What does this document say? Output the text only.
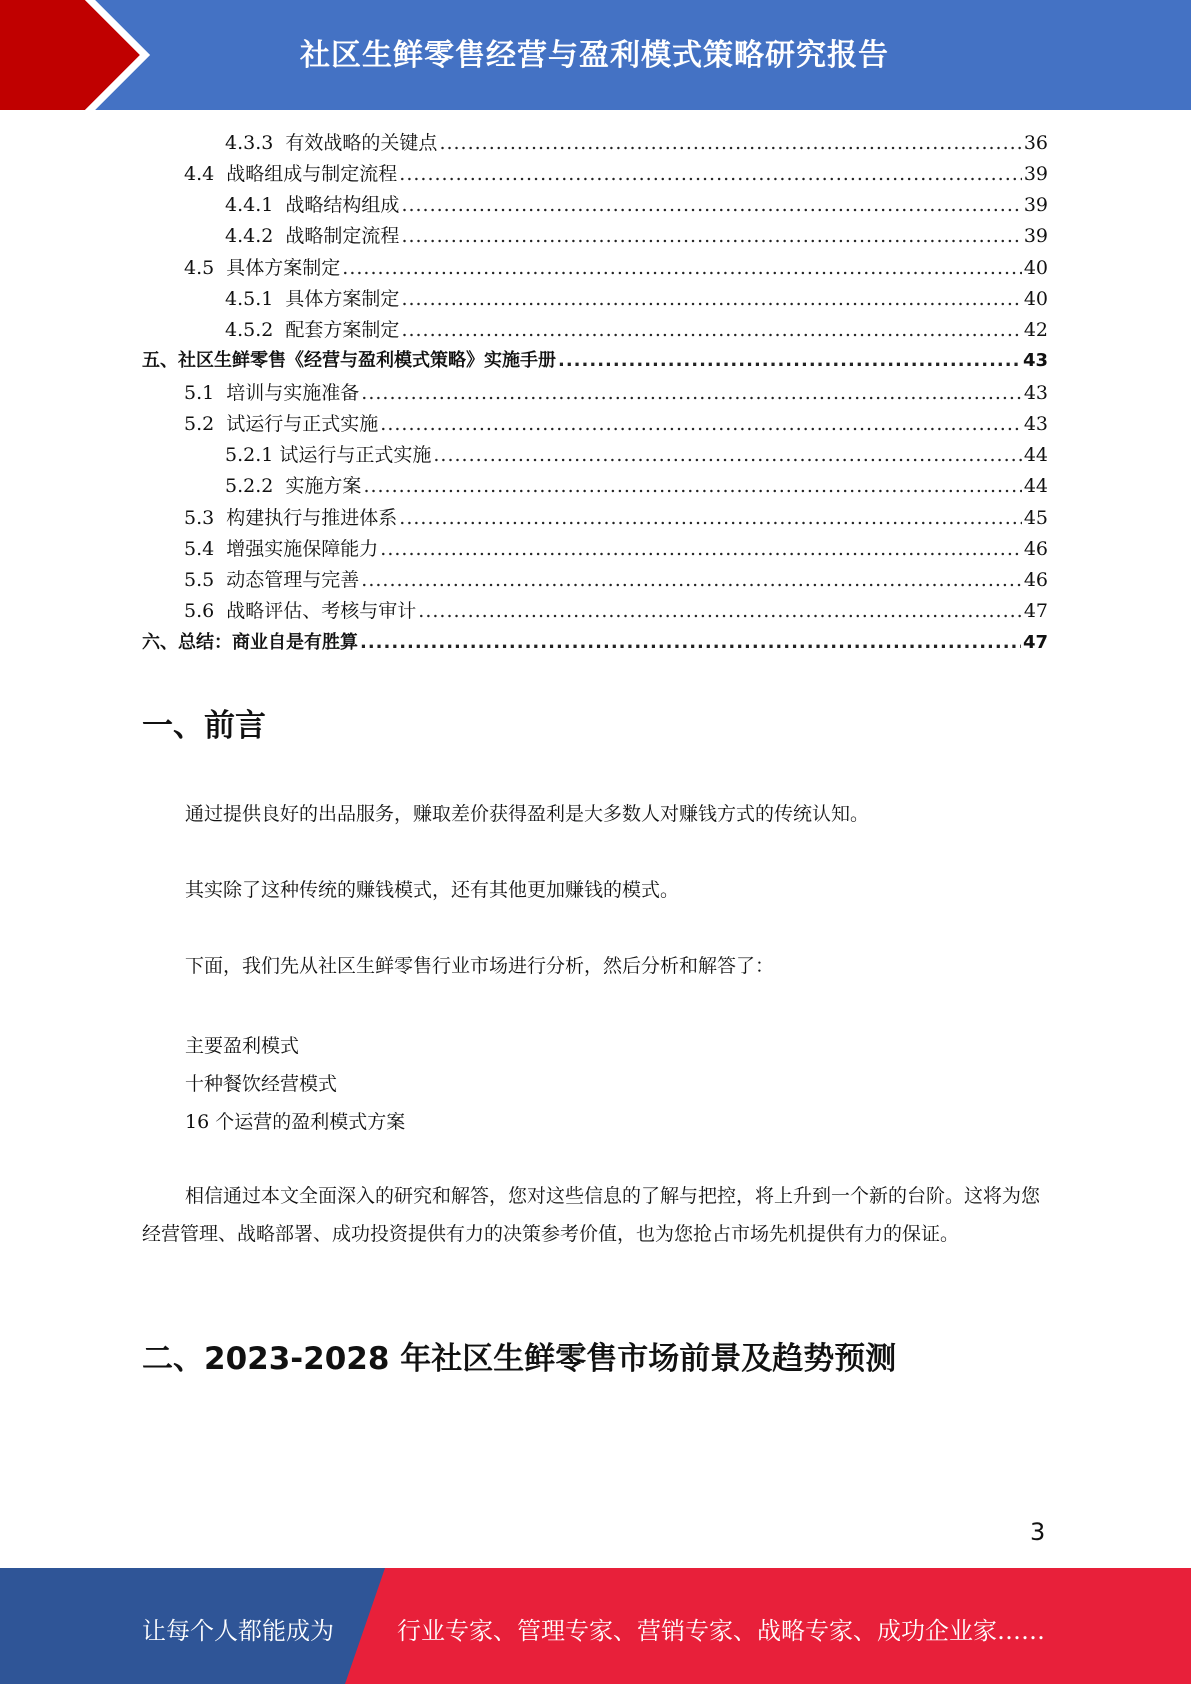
社区生鲜零售经营与盈利模式策略研究报告
4.3.3  有效战略的关键点 .....	36
4.4  战略组成与制定流程 .....	39
4.4.1  战略结构组成 .....	39
4.4.2  战略制定流程 .....	39
4.5  具体方案制定 .....	40
4.5.1  具体方案制定 .....	40
4.5.2  配套方案制定 .....	42
五、社区生鲜零售《经营与盈利模式策略》实施手册 .....	43
5.1  培训与实施准备 .....	43
5.2  试运行与正式实施 .....	43
5.2.1 试运行与正式实施 .....	44
5.2.2  实施方案 .....	44
5.3  构建执行与推进体系 .....	45
5.4  增强实施保障能力 .....	46
5.5  动态管理与完善 .....	46
5.6  战略评估、考核与审计 .....	47
六、总结：商业自是有胜算 .....	47
一、前言
通过提供良好的出品服务，赚取差价获得盈利是大多数人对赚钱方式的传统认知。
其实除了这种传统的赚钱模式，还有其他更加赚钱的模式。
下面，我们先从社区生鲜零售行业市场进行分析，然后分析和解答了：
主要盈利模式
十种餐饮经营模式
16 个运营的盈利模式方案
相信通过本文全面深入的研究和解答，您对这些信息的了解与把控，将上升到一个新的台阶。这将为您经营管理、战略部署、成功投资提供有力的决策参考价值，也为您抢占市场先机提供有力的保证。
二、2023-2028 年社区生鲜零售市场前景及趋势预测
3
让每个人都能成为	行业专家、管理专家、营销专家、战略专家、成功企业家……
